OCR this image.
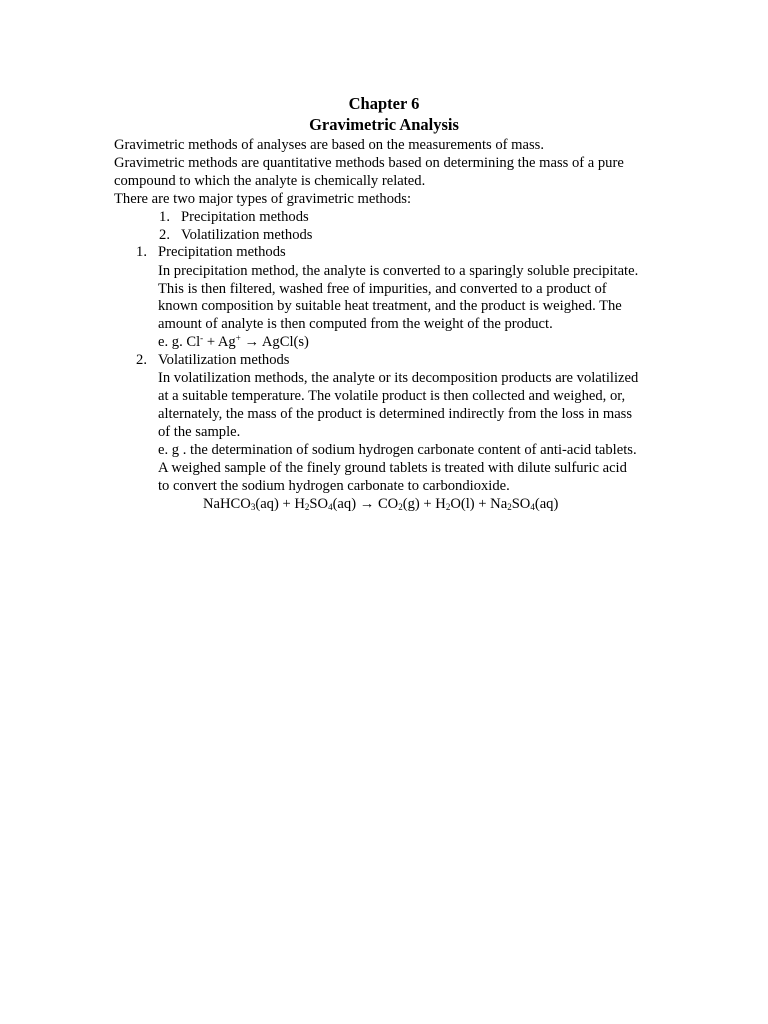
Chapter 6
Gravimetric Analysis
Gravimetric methods of analyses are based on the measurements of mass.
Gravimetric methods are quantitative methods based on determining the mass of a pure
compound to which the analyte is chemically related.
There are two major types of gravimetric methods:
1. Precipitation methods
2. Volatilization methods
1. Precipitation methods
In precipitation method, the analyte is converted to a sparingly soluble precipitate.
This is then filtered, washed free of impurities, and converted to a product of
known composition by suitable heat treatment, and the product is weighed. The
amount of analyte is then computed from the weight of the product.
e. g. Cl- + Ag+ → AgCl(s)
2. Volatilization methods
In volatilization methods, the analyte or its decomposition products are volatilized
at a suitable temperature. The volatile product is then collected and weighed, or,
alternately, the mass of the product is determined indirectly from the loss in mass
of the sample.
e. g . the determination of sodium hydrogen carbonate content of anti-acid tablets.
A weighed sample of the finely ground tablets is treated with dilute sulfuric acid
to convert the sodium hydrogen carbonate to carbondioxide.
NaHCO$_3$(aq) + $H_2SO_4(aq) \to CO_2(g) + H_2O(l) + Na_2SO_4(aq)$
